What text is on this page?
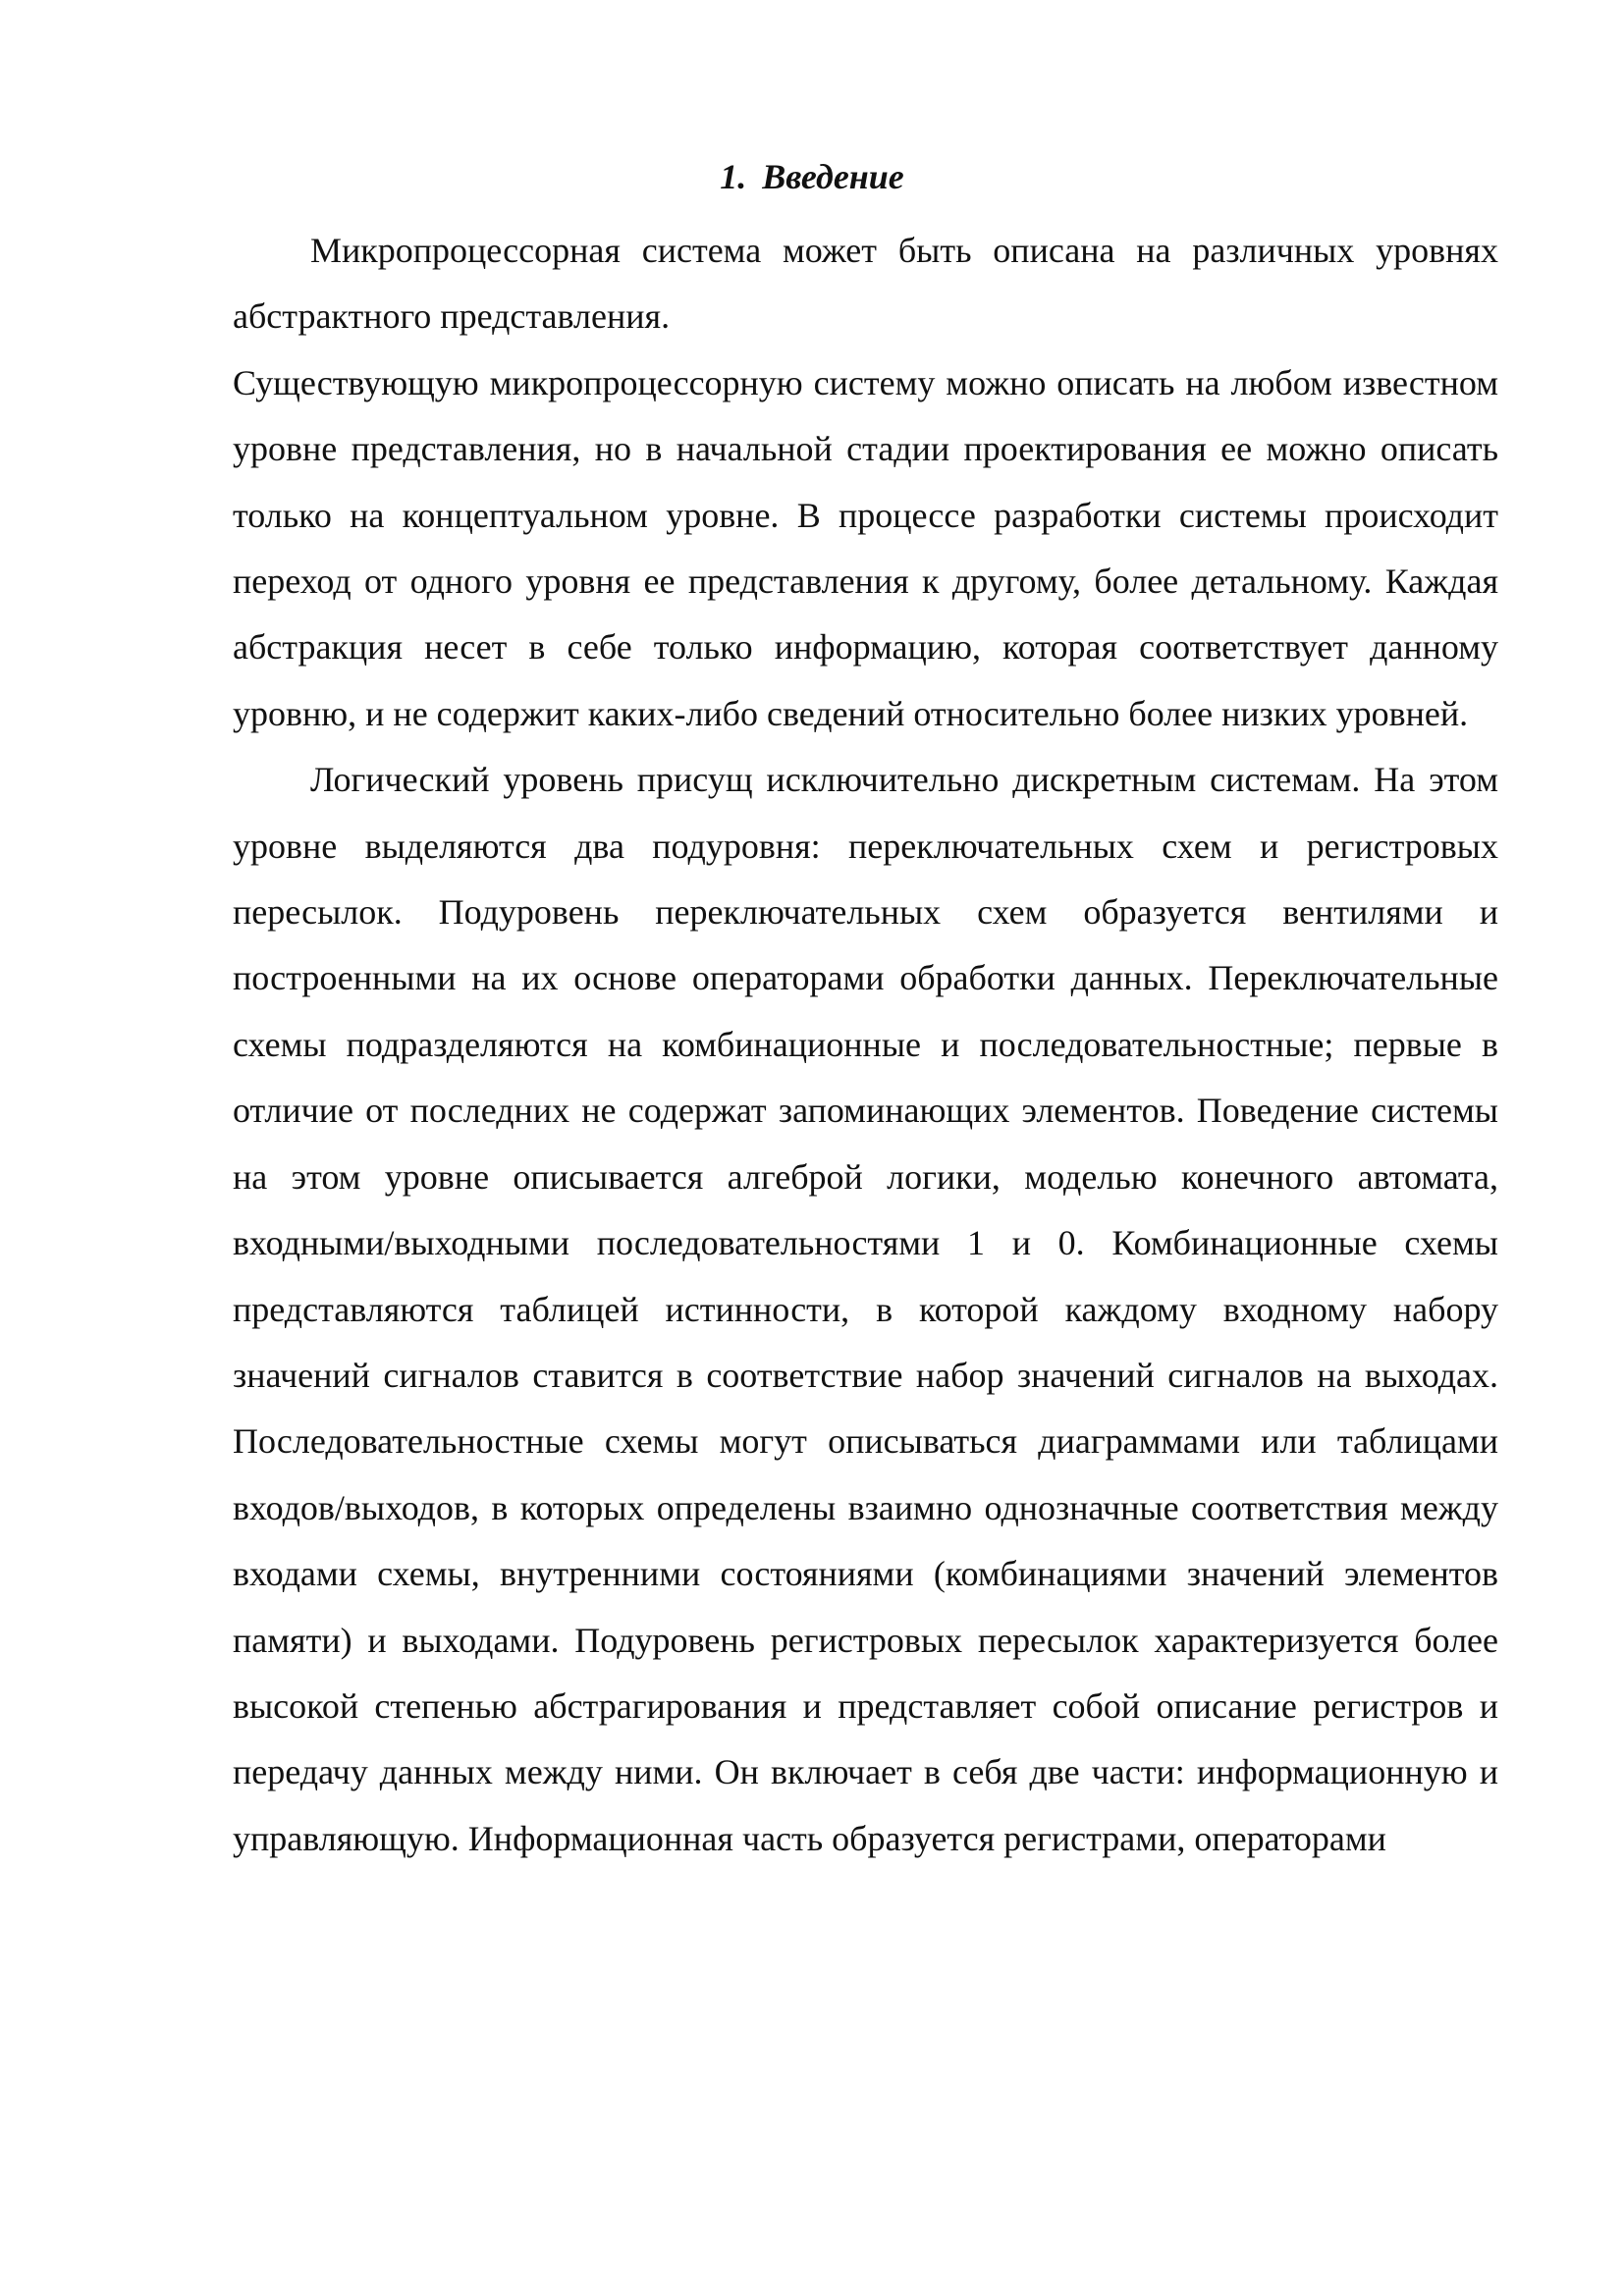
1. Введение

Микропроцессорная система может быть описана на различных уровнях абстрактного представления.

Существующую микропроцессорную систему можно описать на любом известном уровне представления, но в начальной стадии проектирования ее можно описать только на концептуальном уровне. В процессе разработки системы происходит переход от одного уровня ее представления к другому, более детальному. Каждая абстракция несет в себе только информацию, которая соответствует данному уровню, и не содержит каких-либо сведений относительно более низких уровней.

Логический уровень присущ исключительно дискретным системам. На этом уровне выделяются два подуровня: переключательных схем и регистровых пересылок. Подуровень переключательных схем образуется вентилями и построенными на их основе операторами обработки данных. Переключательные схемы подразделяются на комбинационные и последовательностные; первые в отличие от последних не содержат запоминающих элементов. Поведение системы на этом уровне описывается алгеброй логики, моделью конечного автомата, входными/выходными последовательностями 1 и 0. Комбинационные схемы представляются таблицей истинности, в которой каждому входному набору значений сигналов ставится в соответствие набор значений сигналов на выходах. Последовательностные схемы могут описываться диаграммами или таблицами входов/выходов, в которых определены взаимно однозначные соответствия между входами схемы, внутренними состояниями (комбинациями значений элементов памяти) и выходами. Подуровень регистровых пересылок характеризуется более высокой степенью абстрагирования и представляет собой описание регистров и передачу данных между ними. Он включает в себя две части: информационную и управляющую. Информационная часть образуется регистрами, операторами
